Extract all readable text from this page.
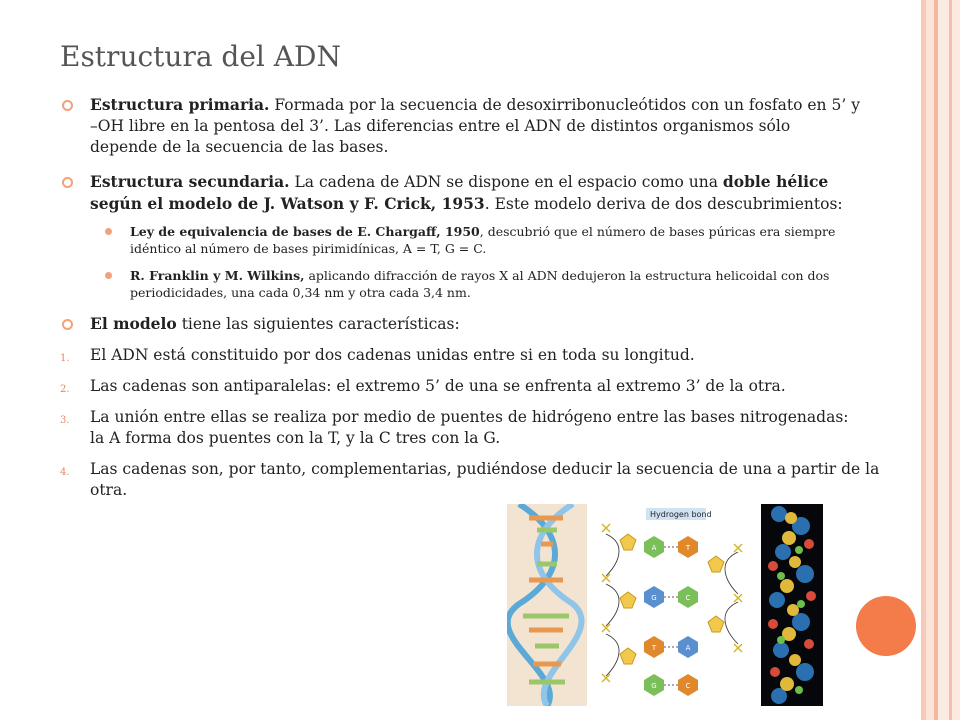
Estructura del ADN
Estructura primaria. Formada por la secuencia de desoxirribonucleótidos con un fosfato en 5’ y –OH libre en la pentosa del 3’. Las diferencias entre el ADN de distintos organismos sólo depende de la secuencia de las bases.
Estructura secundaria. La cadena de ADN se dispone en el espacio como una doble hélice según el modelo de J. Watson y F. Crick, 1953. Este modelo deriva de dos descubrimientos:
Ley de equivalencia de bases de E. Chargaff, 1950, descubrió que el número de bases púricas era siempre idéntico al número de bases pirimidínicas, A = T, G = C.
R. Franklin y M. Wilkins, aplicando difracción de rayos X al ADN dedujeron la estructura helicoidal con dos periodicidades, una cada 0,34 nm y otra cada 3,4 nm.
El modelo tiene las siguientes características:
1. El ADN está constituido por dos cadenas unidas entre si en toda su longitud.
2. Las cadenas son antiparalelas: el extremo 5’ de una se enfrenta al extremo 3’ de la otra.
3. La unión entre ellas se realiza por medio de puentes de hidrógeno entre las bases nitrogenadas: la A forma dos puentes con la T, y la C tres con la G.
4. Las cadenas son, por tanto, complementarias, pudiéndose deducir la secuencia de una a partir de la otra.
Hydrogen bond
A	T
G	C
T	A
G	C
